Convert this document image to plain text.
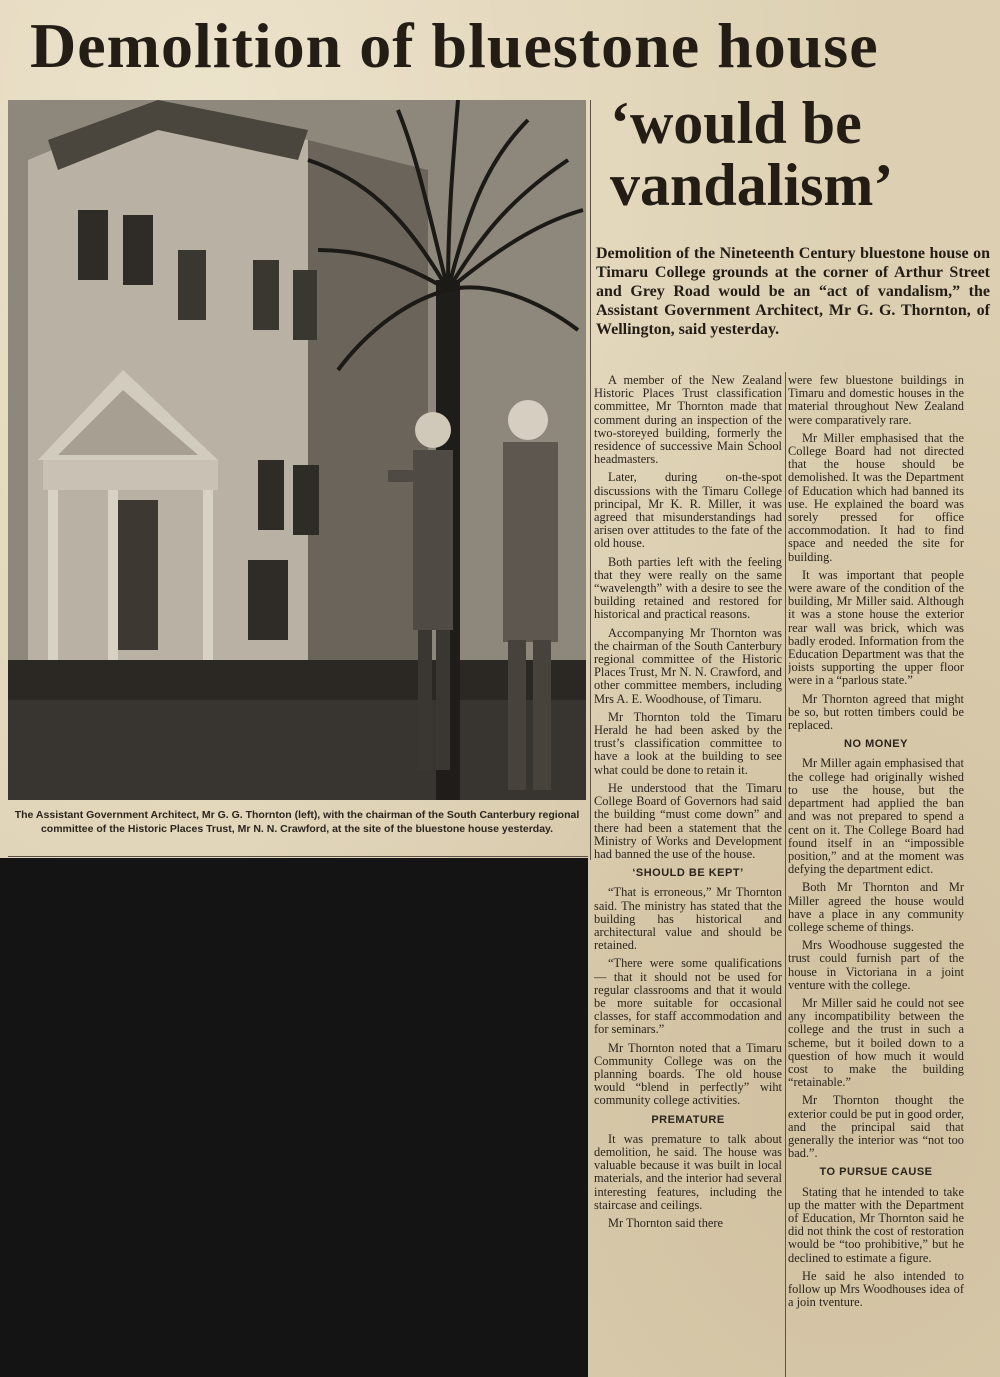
Demolition of bluestone house
‘would be vandalism’
The Assistant Government Architect, Mr G. G. Thornton (left), with the chairman of the South Canterbury regional committee of the Historic Places Trust, Mr N. N. Crawford, at the site of the bluestone house yesterday.
Demolition of the Nineteenth Century bluestone house on Timaru College grounds at the corner of Arthur Street and Grey Road would be an “act of vandalism,” the Assistant Government Architect, Mr G. G. Thornton, of Wellington, said yesterday.

A member of the New Zealand Historic Places Trust classification committee, Mr Thornton made that comment during an inspection of the two-storeyed building, formerly the residence of successive Main School headmasters.

Later, during on-the-spot discussions with the Timaru College principal, Mr K. R. Miller, it was agreed that misunderstandings had arisen over attitudes to the fate of the old house.

Both parties left with the feeling that they were really on the same “wavelength” with a desire to see the building retained and restored for historical and practical reasons.

Accompanying Mr Thornton was the chairman of the South Canterbury regional committee of the Historic Places Trust, Mr N. N. Crawford, and other committee members, including Mrs A. E. Woodhouse, of Timaru.

Mr Thornton told the Timaru Herald he had been asked by the trust’s classification committee to have a look at the building to see what could be done to retain it.

He understood that the Timaru College Board of Governors had said the building “must come down” and there had been a statement that the Ministry of Works and Development had banned the use of the house.

‘SHOULD BE KEPT’

“That is erroneous,” Mr Thornton said. The ministry has stated that the building has historical and architectural value and should be retained.

“There were some qualifications — that it should not be used for regular classrooms and that it would be more suitable for occasional classes, for staff accommodation and for seminars.”

Mr Thornton noted that a Timaru Community College was on the planning boards. The old house would “blend in perfectly” wiht community college activities.

PREMATURE

It was premature to talk about demolition, he said. The house was valuable because it was built in local materials, and the interior had several interesting features, including the staircase and ceilings.

Mr Thornton said there

were few bluestone buildings in Timaru and domestic houses in the material throughout New Zealand were comparatively rare.

Mr Miller emphasised that the College Board had not directed that the house should be demolished. It was the Department of Education which had banned its use. He explained the board was sorely pressed for office accommodation. It had to find space and needed the site for building.

It was important that people were aware of the condition of the building, Mr Miller said. Although it was a stone house the exterior rear wall was brick, which was badly eroded. Information from the Education Department was that the joists supporting the upper floor were in a “parlous state.”

Mr Thornton agreed that might be so, but rotten timbers could be replaced.

NO MONEY

Mr Miller again emphasised that the college had originally wished to use the house, but the department had applied the ban and was not prepared to spend a cent on it. The College Board had found itself in an “impossible position,” and at the moment was defying the department edict.

Both Mr Thornton and Mr Miller agreed the house would have a place in any community college scheme of things.

Mrs Woodhouse suggested the trust could furnish part of the house in Victoriana in a joint venture with the college.

Mr Miller said he could not see any incompatibility between the college and the trust in such a scheme, but it boiled down to a question of how much it would cost to make the building “retainable.”

Mr Thornton thought the exterior could be put in good order, and the principal said that generally the interior was “not too bad.”.

TO PURSUE CAUSE

Stating that he intended to take up the matter with the Department of Education, Mr Thornton said he did not think the cost of restoration would be “too prohibitive,” but he declined to estimate a figure.

He said he also intended to follow up Mrs Woodhouses idea of a join tventure.
